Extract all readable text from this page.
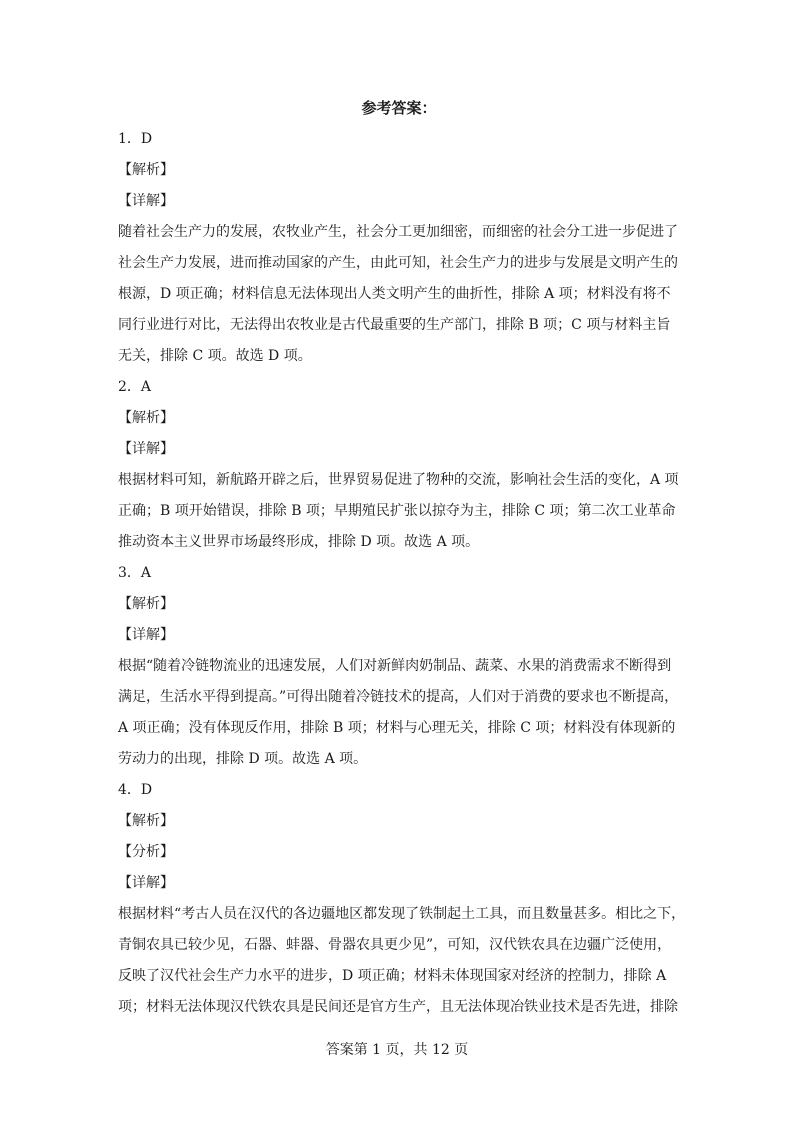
参考答案：
1．D
【解析】
【详解】
随着社会生产力的发展，农牧业产生，社会分工更加细密，而细密的社会分工进一步促进了
社会生产力发展，进而推动国家的产生，由此可知，社会生产力的进步与发展是文明产生的
根源，D 项正确；材料信息无法体现出人类文明产生的曲折性，排除 A 项；材料没有将不
同行业进行对比，无法得出农牧业是古代最重要的生产部门，排除 B 项；C 项与材料主旨
无关，排除 C 项。故选 D 项。
2．A
【解析】
【详解】
根据材料可知，新航路开辟之后，世界贸易促进了物种的交流，影响社会生活的变化，A 项
正确；B 项开始错误，排除 B 项；早期殖民扩张以掠夺为主，排除 C 项；第二次工业革命
推动资本主义世界市场最终形成，排除 D 项。故选 A 项。
3．A
【解析】
【详解】
根据“随着冷链物流业的迅速发展，人们对新鲜肉奶制品、蔬菜、水果的消费需求不断得到
满足，生活水平得到提高。”可得出随着冷链技术的提高，人们对于消费的要求也不断提高，
A 项正确；没有体现反作用，排除 B 项；材料与心理无关，排除 C 项；材料没有体现新的
劳动力的出现，排除 D 项。故选 A 项。
4．D
【解析】
【分析】
【详解】
根据材料“考古人员在汉代的各边疆地区都发现了铁制起土工具，而且数量甚多。相比之下，
青铜农具已较少见，石器、蚌器、骨器农具更少见”，可知，汉代铁农具在边疆广泛使用，
反映了汉代社会生产力水平的进步，D 项正确；材料未体现国家对经济的控制力，排除 A
项；材料无法体现汉代铁农具是民间还是官方生产，且无法体现冶铁业技术是否先进，排除
答案第 1 页，共 12 页
